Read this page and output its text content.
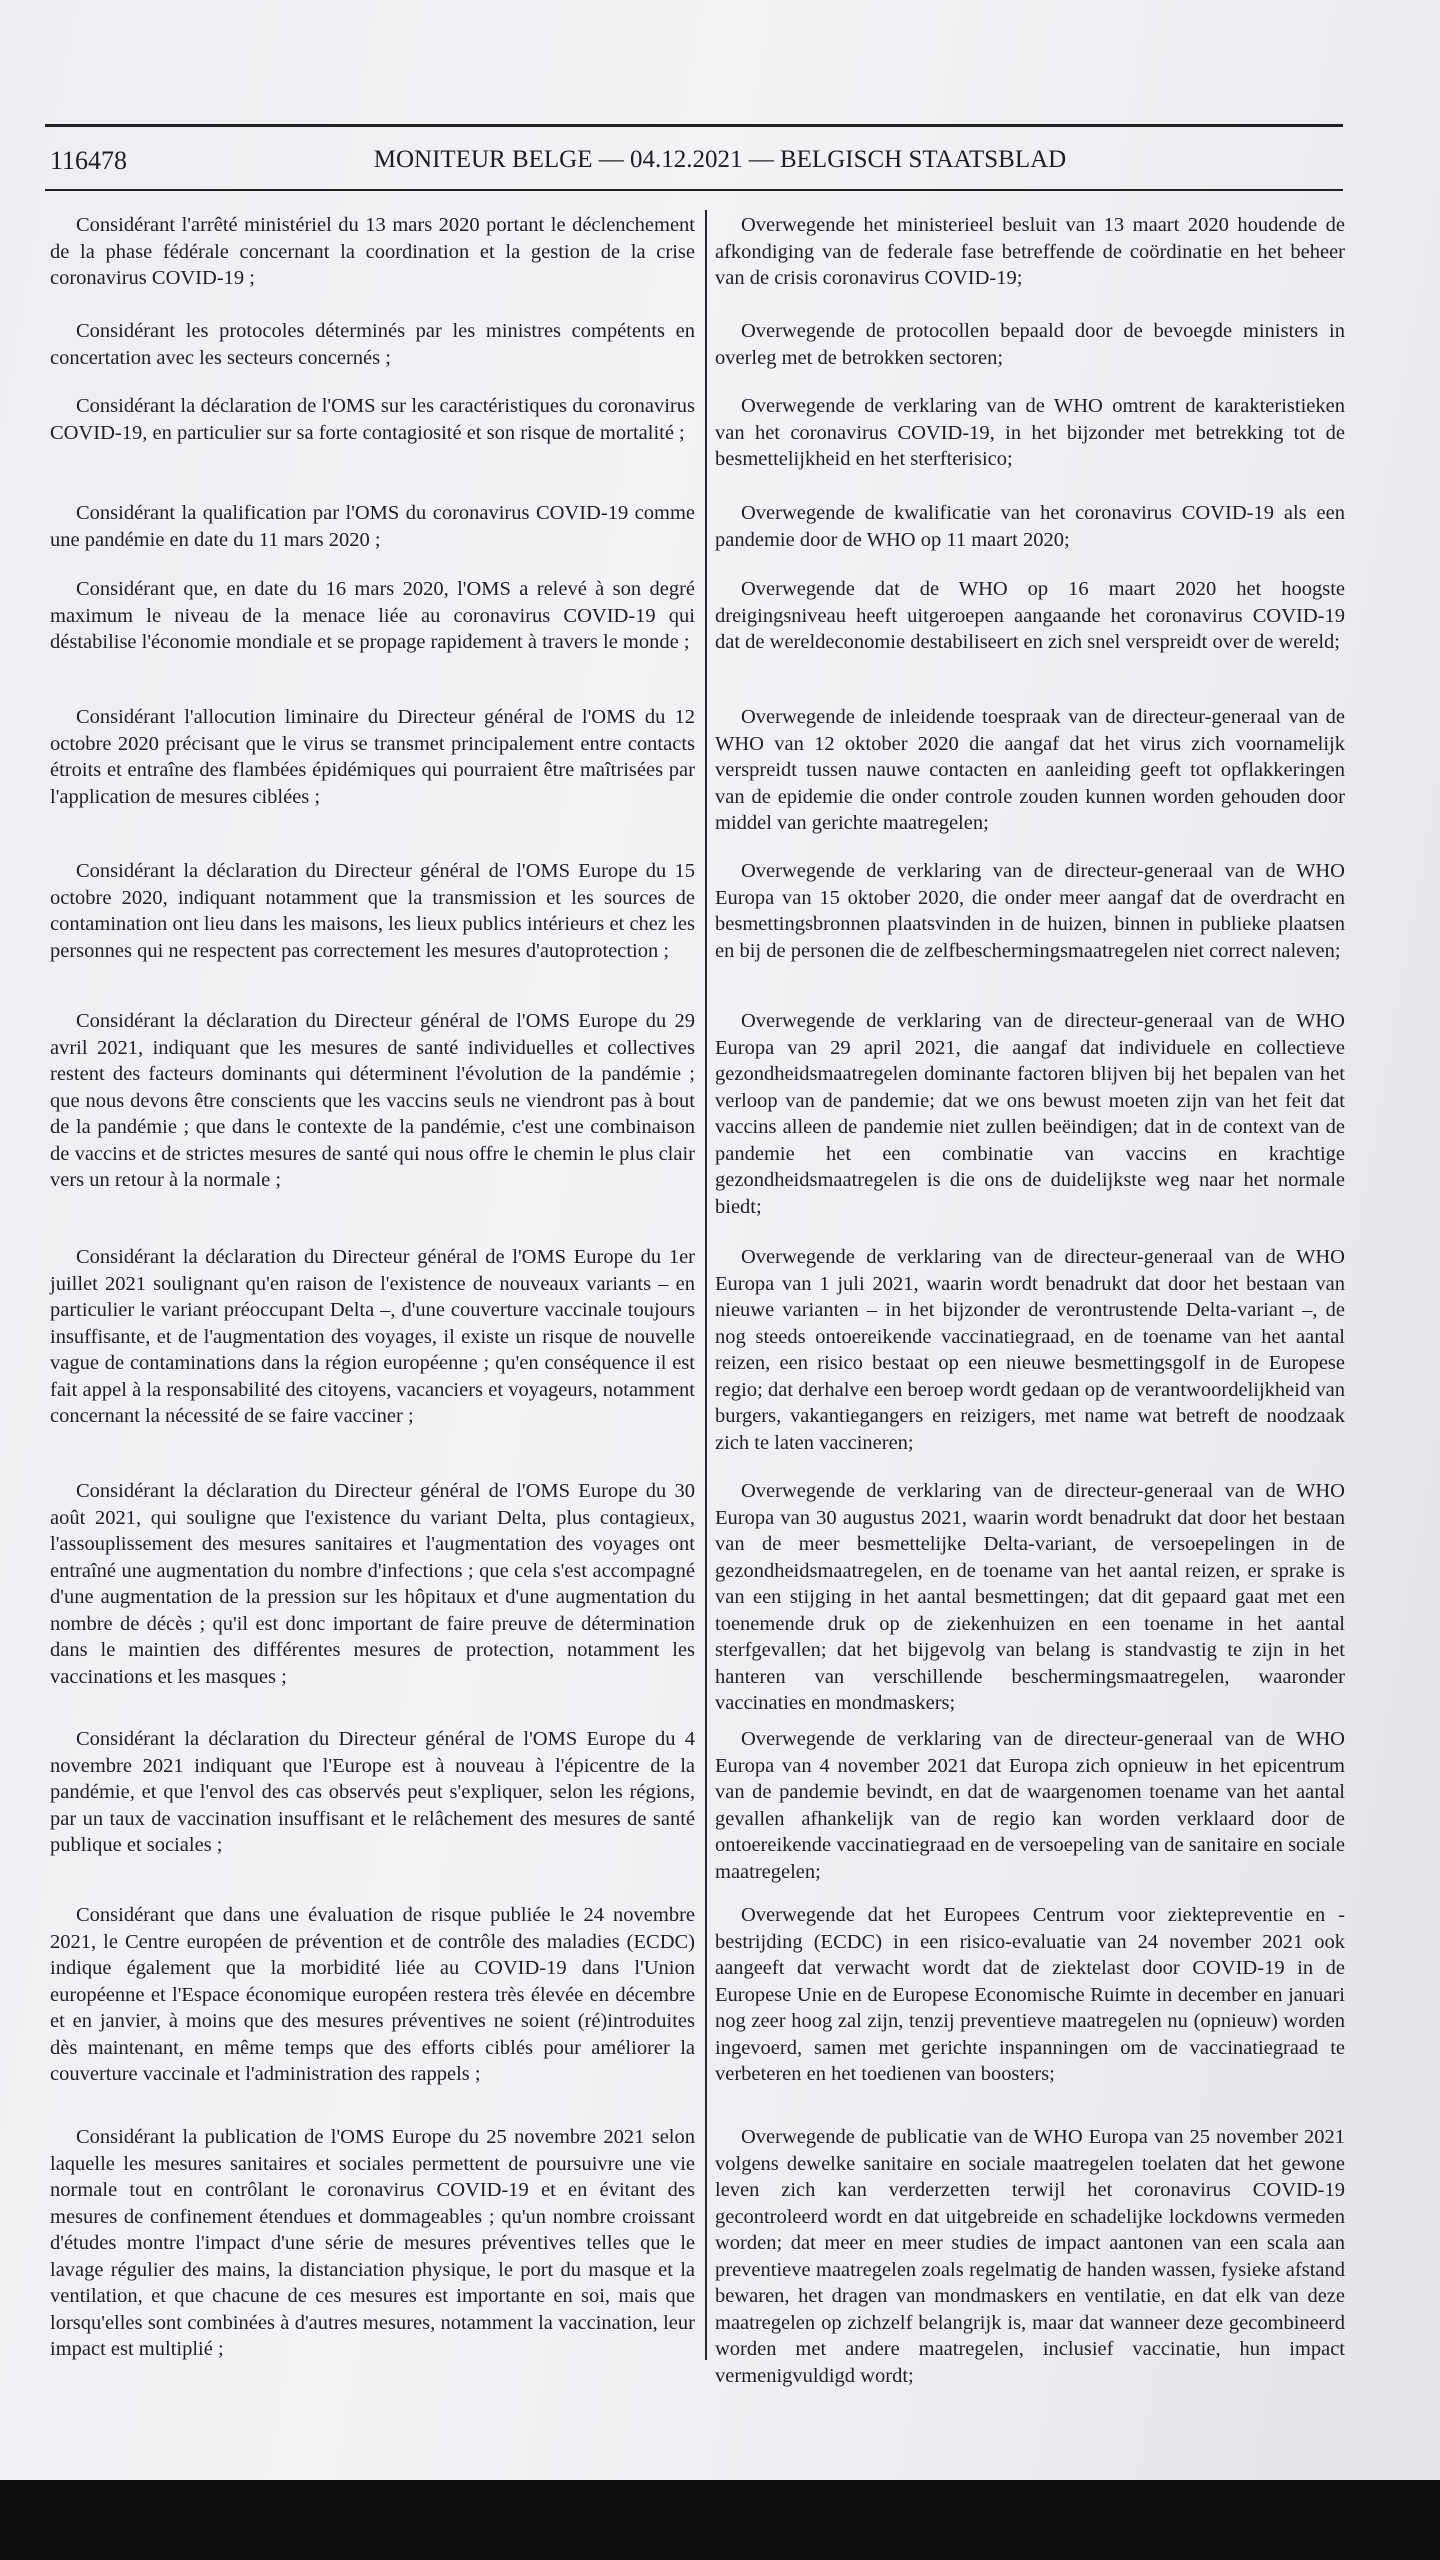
116478	MONITEUR BELGE — 04.12.2021 — BELGISCH STAATSBLAD

Considérant l'arrêté ministériel du 13 mars 2020 portant le déclenchement de la phase fédérale concernant la coordination et la gestion de la crise coronavirus COVID-19 ;

Considérant les protocoles déterminés par les ministres compétents en concertation avec les secteurs concernés ;

Considérant la déclaration de l'OMS sur les caractéristiques du coronavirus COVID-19, en particulier sur sa forte contagiosité et son risque de mortalité ;

Considérant la qualification par l'OMS du coronavirus COVID-19 comme une pandémie en date du 11 mars 2020 ;

Considérant que, en date du 16 mars 2020, l'OMS a relevé à son degré maximum le niveau de la menace liée au coronavirus COVID-19 qui déstabilise l'économie mondiale et se propage rapidement à travers le monde ;

Considérant l'allocution liminaire du Directeur général de l'OMS du 12 octobre 2020 précisant que le virus se transmet principalement entre contacts étroits et entraîne des flambées épidémiques qui pourraient être maîtrisées par l'application de mesures ciblées ;

Considérant la déclaration du Directeur général de l'OMS Europe du 15 octobre 2020, indiquant notamment que la transmission et les sources de contamination ont lieu dans les maisons, les lieux publics intérieurs et chez les personnes qui ne respectent pas correctement les mesures d'autoprotection ;

Considérant la déclaration du Directeur général de l'OMS Europe du 29 avril 2021, indiquant que les mesures de santé individuelles et collectives restent des facteurs dominants qui déterminent l'évolution de la pandémie ; que nous devons être conscients que les vaccins seuls ne viendront pas à bout de la pandémie ; que dans le contexte de la pandémie, c'est une combinaison de vaccins et de strictes mesures de santé qui nous offre le chemin le plus clair vers un retour à la normale ;

Considérant la déclaration du Directeur général de l'OMS Europe du 1er juillet 2021 soulignant qu'en raison de l'existence de nouveaux variants – en particulier le variant préoccupant Delta –, d'une couverture vaccinale toujours insuffisante, et de l'augmentation des voyages, il existe un risque de nouvelle vague de contaminations dans la région européenne ; qu'en conséquence il est fait appel à la responsabilité des citoyens, vacanciers et voyageurs, notamment concernant la nécessité de se faire vacciner ;

Considérant la déclaration du Directeur général de l'OMS Europe du 30 août 2021, qui souligne que l'existence du variant Delta, plus contagieux, l'assouplissement des mesures sanitaires et l'augmentation des voyages ont entraîné une augmentation du nombre d'infections ; que cela s'est accompagné d'une augmentation de la pression sur les hôpitaux et d'une augmentation du nombre de décès ; qu'il est donc important de faire preuve de détermination dans le maintien des différentes mesures de protection, notamment les vaccinations et les masques ;

Considérant la déclaration du Directeur général de l'OMS Europe du 4 novembre 2021 indiquant que l'Europe est à nouveau à l'épicentre de la pandémie, et que l'envol des cas observés peut s'expliquer, selon les régions, par un taux de vaccination insuffisant et le relâchement des mesures de santé publique et sociales ;

Considérant que dans une évaluation de risque publiée le 24 novembre 2021, le Centre européen de prévention et de contrôle des maladies (ECDC) indique également que la morbidité liée au COVID-19 dans l'Union européenne et l'Espace économique européen restera très élevée en décembre et en janvier, à moins que des mesures préventives ne soient (ré)introduites dès maintenant, en même temps que des efforts ciblés pour améliorer la couverture vaccinale et l'administration des rappels ;

Considérant la publication de l'OMS Europe du 25 novembre 2021 selon laquelle les mesures sanitaires et sociales permettent de poursuivre une vie normale tout en contrôlant le coronavirus COVID-19 et en évitant des mesures de confinement étendues et dommageables ; qu'un nombre croissant d'études montre l'impact d'une série de mesures préventives telles que le lavage régulier des mains, la distanciation physique, le port du masque et la ventilation, et que chacune de ces mesures est importante en soi, mais que lorsqu'elles sont combinées à d'autres mesures, notamment la vaccination, leur impact est multiplié ;

Overwegende het ministerieel besluit van 13 maart 2020 houdende de afkondiging van de federale fase betreffende de coördinatie en het beheer van de crisis coronavirus COVID-19;

Overwegende de protocollen bepaald door de bevoegde ministers in overleg met de betrokken sectoren;

Overwegende de verklaring van de WHO omtrent de karakteristieken van het coronavirus COVID-19, in het bijzonder met betrekking tot de besmettelijkheid en het sterfterisico;

Overwegende de kwalificatie van het coronavirus COVID-19 als een pandemie door de WHO op 11 maart 2020;

Overwegende dat de WHO op 16 maart 2020 het hoogste dreigingsniveau heeft uitgeroepen aangaande het coronavirus COVID-19 dat de wereldeconomie destabiliseert en zich snel verspreidt over de wereld;

Overwegende de inleidende toespraak van de directeur-generaal van de WHO van 12 oktober 2020 die aangaf dat het virus zich voornamelijk verspreidt tussen nauwe contacten en aanleiding geeft tot opflakkeringen van de epidemie die onder controle zouden kunnen worden gehouden door middel van gerichte maatregelen;

Overwegende de verklaring van de directeur-generaal van de WHO Europa van 15 oktober 2020, die onder meer aangaf dat de overdracht en besmettingsbronnen plaatsvinden in de huizen, binnen in publieke plaatsen en bij de personen die de zelfbeschermingsmaatregelen niet correct naleven;

Overwegende de verklaring van de directeur-generaal van de WHO Europa van 29 april 2021, die aangaf dat individuele en collectieve gezondheidsmaatregelen dominante factoren blijven bij het bepalen van het verloop van de pandemie; dat we ons bewust moeten zijn van het feit dat vaccins alleen de pandemie niet zullen beëindigen; dat in de context van de pandemie het een combinatie van vaccins en krachtige gezondheidsmaatregelen is die ons de duidelijkste weg naar het normale biedt;

Overwegende de verklaring van de directeur-generaal van de WHO Europa van 1 juli 2021, waarin wordt benadrukt dat door het bestaan van nieuwe varianten – in het bijzonder de verontrustende Delta-variant –, de nog steeds ontoereikende vaccinatiegraad, en de toename van het aantal reizen, een risico bestaat op een nieuwe besmettingsgolf in de Europese regio; dat derhalve een beroep wordt gedaan op de verantwoordelijkheid van burgers, vakantiegangers en reizigers, met name wat betreft de noodzaak zich te laten vaccineren;

Overwegende de verklaring van de directeur-generaal van de WHO Europa van 30 augustus 2021, waarin wordt benadrukt dat door het bestaan van de meer besmettelijke Delta-variant, de versoepelingen in de gezondheidsmaatregelen, en de toename van het aantal reizen, er sprake is van een stijging in het aantal besmettingen; dat dit gepaard gaat met een toenemende druk op de ziekenhuizen en een toename in het aantal sterfgevallen; dat het bijgevolg van belang is standvastig te zijn in het hanteren van verschillende beschermingsmaatregelen, waaronder vaccinaties en mondmaskers;

Overwegende de verklaring van de directeur-generaal van de WHO Europa van 4 november 2021 dat Europa zich opnieuw in het epicentrum van de pandemie bevindt, en dat de waargenomen toename van het aantal gevallen afhankelijk van de regio kan worden verklaard door de ontoereikende vaccinatiegraad en de versoepeling van de sanitaire en sociale maatregelen;

Overwegende dat het Europees Centrum voor ziektepreventie en -bestrijding (ECDC) in een risico-evaluatie van 24 november 2021 ook aangeeft dat verwacht wordt dat de ziektelast door COVID-19 in de Europese Unie en de Europese Economische Ruimte in december en januari nog zeer hoog zal zijn, tenzij preventieve maatregelen nu (opnieuw) worden ingevoerd, samen met gerichte inspanningen om de vaccinatiegraad te verbeteren en het toedienen van boosters;

Overwegende de publicatie van de WHO Europa van 25 november 2021 volgens dewelke sanitaire en sociale maatregelen toelaten dat het gewone leven zich kan verderzetten terwijl het coronavirus COVID-19 gecontroleerd wordt en dat uitgebreide en schadelijke lockdowns vermeden worden; dat meer en meer studies de impact aantonen van een scala aan preventieve maatregelen zoals regelmatig de handen wassen, fysieke afstand bewaren, het dragen van mondmaskers en ventilatie, en dat elk van deze maatregelen op zichzelf belangrijk is, maar dat wanneer deze gecombineerd worden met andere maatregelen, inclusief vaccinatie, hun impact vermenigvuldigd wordt;
